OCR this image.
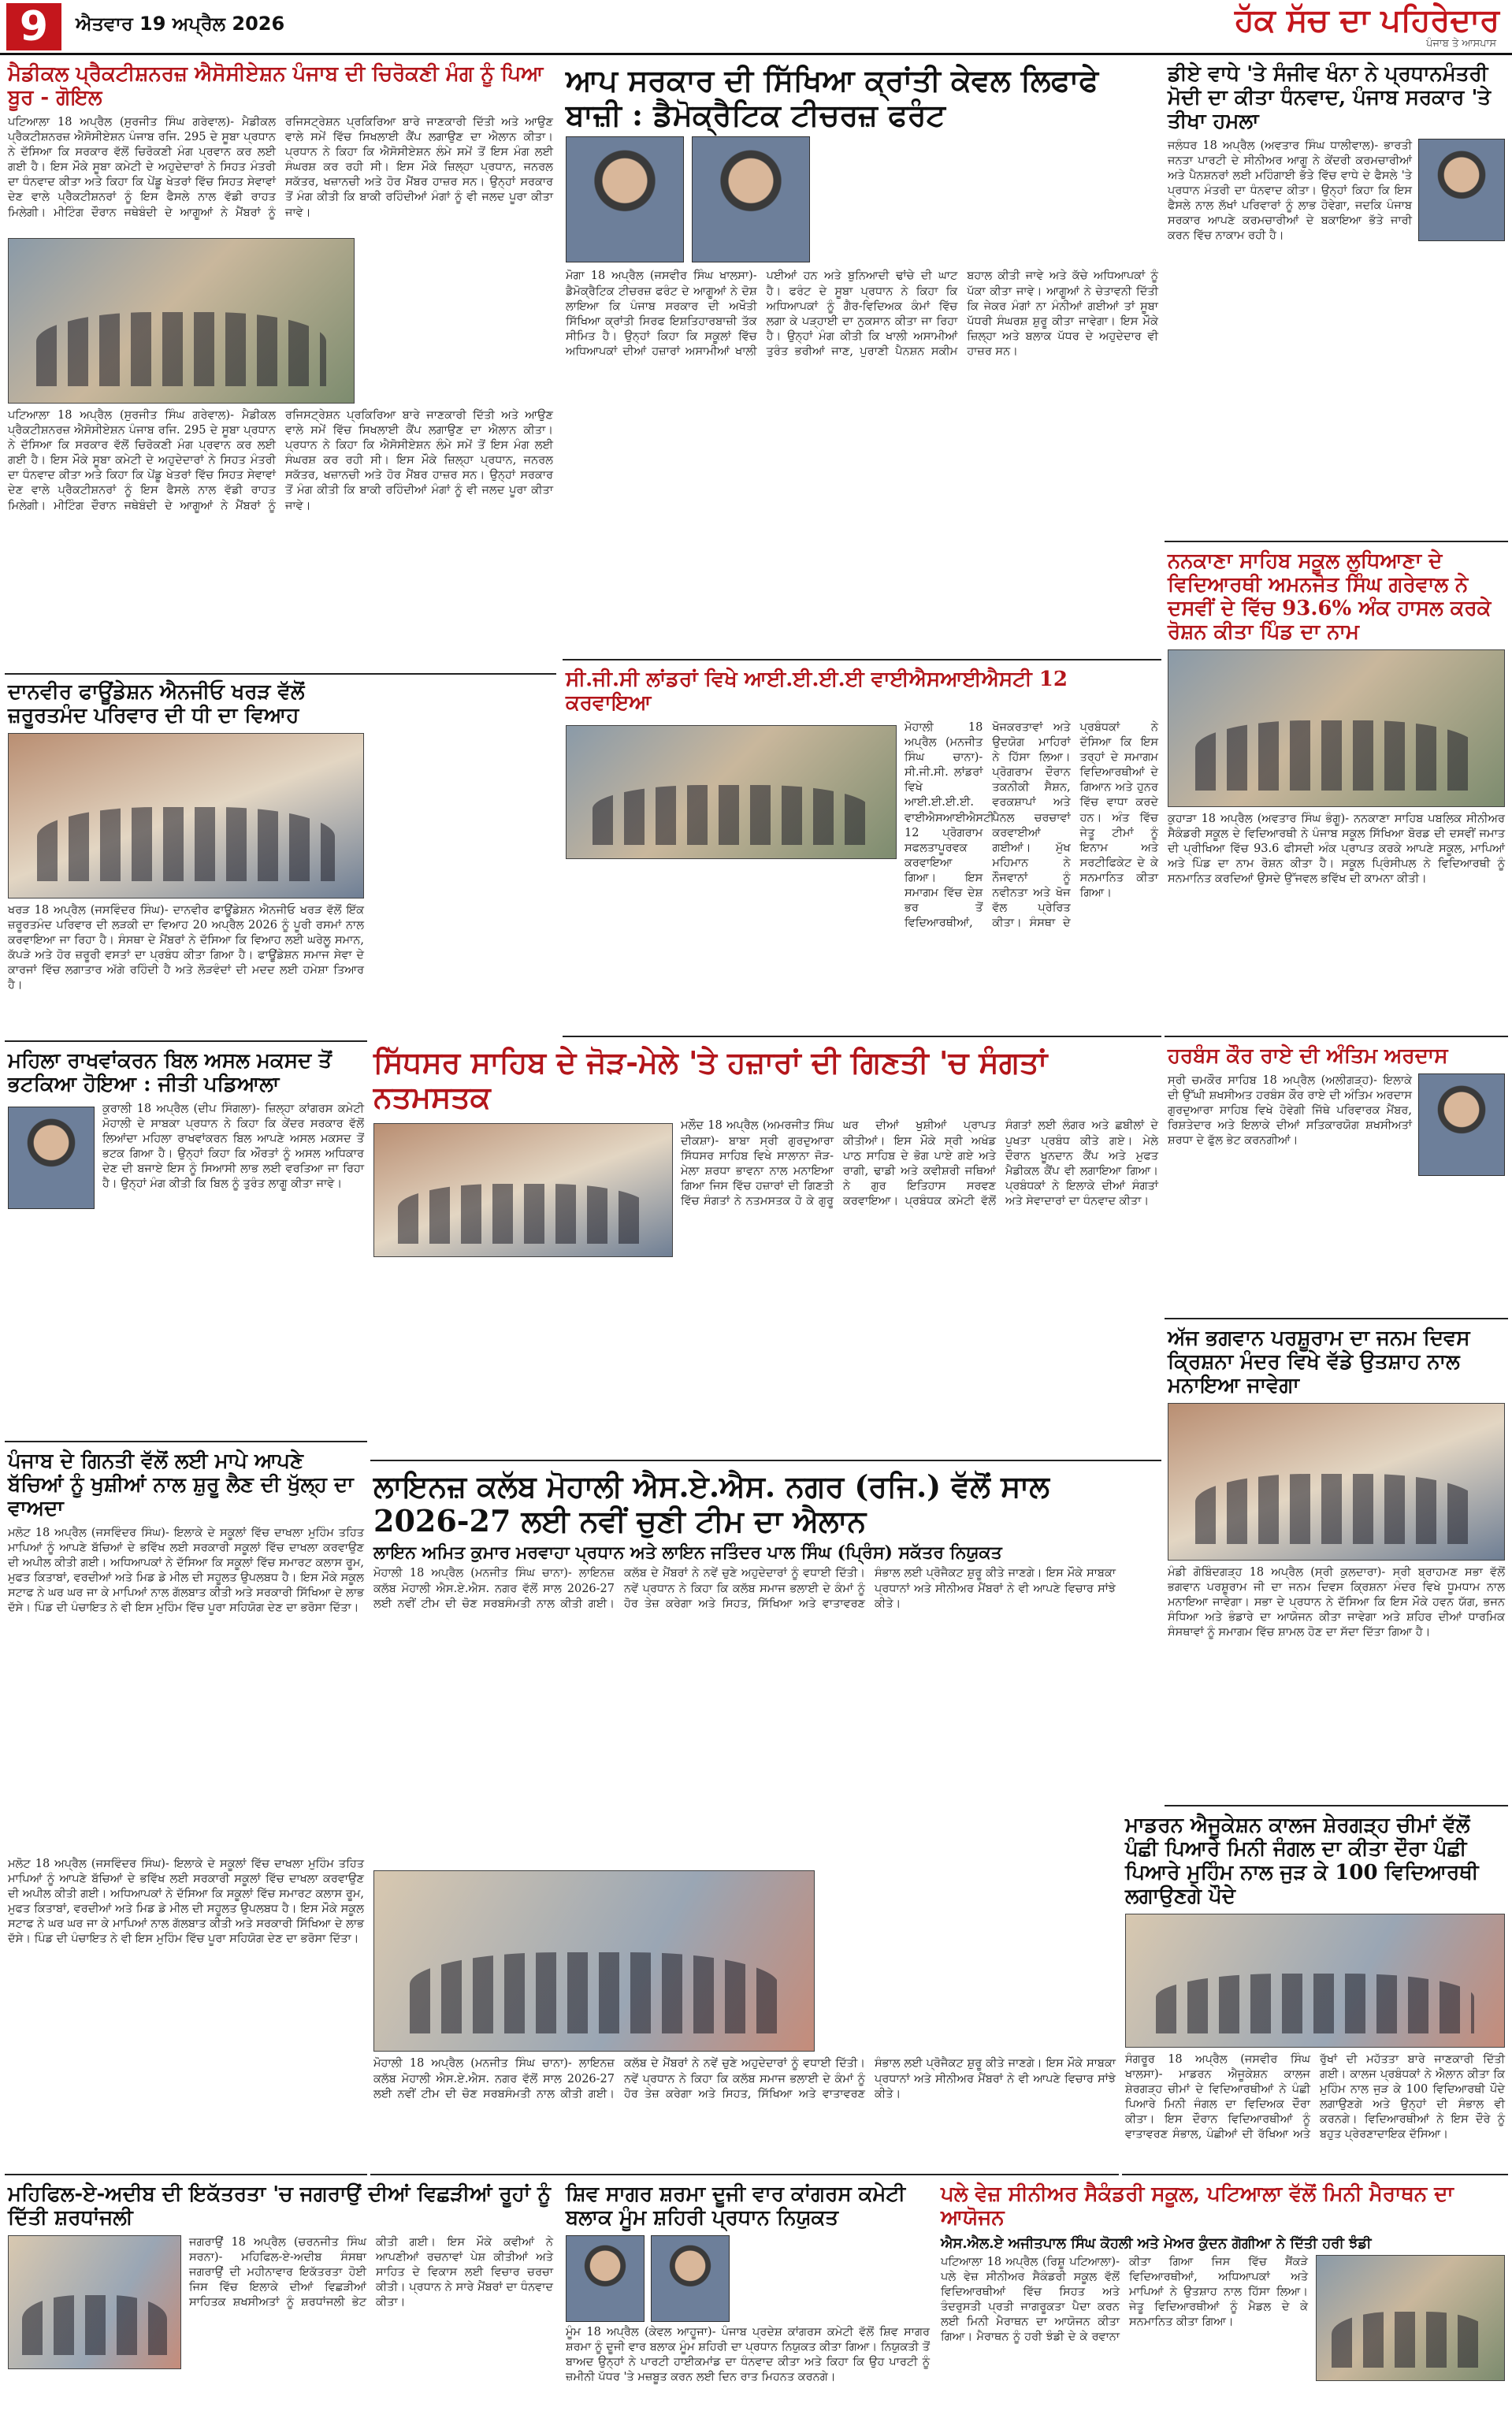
9	ਐਤਵਾਰ 19 ਅਪ੍ਰੈਲ 2026	ਹੱਕ ਸੱਚ ਦਾ ਪਹਿਰੇਦਾਰ
ਪੰਜਾਬ ਤੇ ਆਸਪਾਸ
ਮੈਡੀਕਲ ਪ੍ਰੈਕਟੀਸ਼ਨਰਜ਼ ਐਸੋਸੀਏਸ਼ਨ ਪੰਜਾਬ ਦੀ ਚਿਰੋਕਣੀ ਮੰਗ ਨੂੰ ਪਿਆ ਬੂਰ - ਗੋਇਲ
ਪਟਿਆਲਾ 18 ਅਪ੍ਰੈਲ (ਸੁਰਜੀਤ ਸਿੰਘ ਗਰੇਵਾਲ)- ਮੈਡੀਕਲ ਪ੍ਰੈਕਟੀਸ਼ਨਰਜ਼ ਐਸੋਸੀਏਸ਼ਨ ਪੰਜਾਬ ਰਜਿ. 295 ਦੇ ਸੂਬਾ ਪ੍ਰਧਾਨ ਨੇ ਦੱਸਿਆ ਕਿ ਸਰਕਾਰ ਵੱਲੋਂ ਚਿਰੋਕਣੀ ਮੰਗ ਪ੍ਰਵਾਨ ਕਰ ਲਈ ਗਈ ਹੈ। ਇਸ ਮੌਕੇ ਸੂਬਾ ਕਮੇਟੀ ਦੇ ਅਹੁਦੇਦਾਰਾਂ ਨੇ ਸਿਹਤ ਮੰਤਰੀ ਦਾ ਧੰਨਵਾਦ ਕੀਤਾ ਅਤੇ ਕਿਹਾ ਕਿ ਪੇਂਡੂ ਖੇਤਰਾਂ ਵਿੱਚ ਸਿਹਤ ਸੇਵਾਵਾਂ ਦੇਣ ਵਾਲੇ ਪ੍ਰੈਕਟੀਸ਼ਨਰਾਂ ਨੂੰ ਇਸ ਫੈਸਲੇ ਨਾਲ ਵੱਡੀ ਰਾਹਤ ਮਿਲੇਗੀ। ਮੀਟਿੰਗ ਦੌਰਾਨ ਜਥੇਬੰਦੀ ਦੇ ਆਗੂਆਂ ਨੇ ਮੈਂਬਰਾਂ ਨੂੰ ਰਜਿਸਟ੍ਰੇਸ਼ਨ ਪ੍ਰਕਿਰਿਆ ਬਾਰੇ ਜਾਣਕਾਰੀ ਦਿੱਤੀ ਅਤੇ ਆਉਣ ਵਾਲੇ ਸਮੇਂ ਵਿੱਚ ਸਿਖਲਾਈ ਕੈਂਪ ਲਗਾਉਣ ਦਾ ਐਲਾਨ ਕੀਤਾ। ਪ੍ਰਧਾਨ ਨੇ ਕਿਹਾ ਕਿ ਐਸੋਸੀਏਸ਼ਨ ਲੰਮੇ ਸਮੇਂ ਤੋਂ ਇਸ ਮੰਗ ਲਈ ਸੰਘਰਸ਼ ਕਰ ਰਹੀ ਸੀ। ਇਸ ਮੌਕੇ ਜ਼ਿਲ੍ਹਾ ਪ੍ਰਧਾਨ, ਜਨਰਲ ਸਕੱਤਰ, ਖਜ਼ਾਨਚੀ ਅਤੇ ਹੋਰ ਮੈਂਬਰ ਹਾਜ਼ਰ ਸਨ। ਉਨ੍ਹਾਂ ਸਰਕਾਰ ਤੋਂ ਮੰਗ ਕੀਤੀ ਕਿ ਬਾਕੀ ਰਹਿੰਦੀਆਂ ਮੰਗਾਂ ਨੂੰ ਵੀ ਜਲਦ ਪੂਰਾ ਕੀਤਾ ਜਾਵੇ।
ਪਟਿਆਲਾ 18 ਅਪ੍ਰੈਲ (ਸੁਰਜੀਤ ਸਿੰਘ ਗਰੇਵਾਲ)- ਮੈਡੀਕਲ ਪ੍ਰੈਕਟੀਸ਼ਨਰਜ਼ ਐਸੋਸੀਏਸ਼ਨ ਪੰਜਾਬ ਰਜਿ. 295 ਦੇ ਸੂਬਾ ਪ੍ਰਧਾਨ ਨੇ ਦੱਸਿਆ ਕਿ ਸਰਕਾਰ ਵੱਲੋਂ ਚਿਰੋਕਣੀ ਮੰਗ ਪ੍ਰਵਾਨ ਕਰ ਲਈ ਗਈ ਹੈ। ਇਸ ਮੌਕੇ ਸੂਬਾ ਕਮੇਟੀ ਦੇ ਅਹੁਦੇਦਾਰਾਂ ਨੇ ਸਿਹਤ ਮੰਤਰੀ ਦਾ ਧੰਨਵਾਦ ਕੀਤਾ ਅਤੇ ਕਿਹਾ ਕਿ ਪੇਂਡੂ ਖੇਤਰਾਂ ਵਿੱਚ ਸਿਹਤ ਸੇਵਾਵਾਂ ਦੇਣ ਵਾਲੇ ਪ੍ਰੈਕਟੀਸ਼ਨਰਾਂ ਨੂੰ ਇਸ ਫੈਸਲੇ ਨਾਲ ਵੱਡੀ ਰਾਹਤ ਮਿਲੇਗੀ। ਮੀਟਿੰਗ ਦੌਰਾਨ ਜਥੇਬੰਦੀ ਦੇ ਆਗੂਆਂ ਨੇ ਮੈਂਬਰਾਂ ਨੂੰ ਰਜਿਸਟ੍ਰੇਸ਼ਨ ਪ੍ਰਕਿਰਿਆ ਬਾਰੇ ਜਾਣਕਾਰੀ ਦਿੱਤੀ ਅਤੇ ਆਉਣ ਵਾਲੇ ਸਮੇਂ ਵਿੱਚ ਸਿਖਲਾਈ ਕੈਂਪ ਲਗਾਉਣ ਦਾ ਐਲਾਨ ਕੀਤਾ। ਪ੍ਰਧਾਨ ਨੇ ਕਿਹਾ ਕਿ ਐਸੋਸੀਏਸ਼ਨ ਲੰਮੇ ਸਮੇਂ ਤੋਂ ਇਸ ਮੰਗ ਲਈ ਸੰਘਰਸ਼ ਕਰ ਰਹੀ ਸੀ। ਇਸ ਮੌਕੇ ਜ਼ਿਲ੍ਹਾ ਪ੍ਰਧਾਨ, ਜਨਰਲ ਸਕੱਤਰ, ਖਜ਼ਾਨਚੀ ਅਤੇ ਹੋਰ ਮੈਂਬਰ ਹਾਜ਼ਰ ਸਨ। ਉਨ੍ਹਾਂ ਸਰਕਾਰ ਤੋਂ ਮੰਗ ਕੀਤੀ ਕਿ ਬਾਕੀ ਰਹਿੰਦੀਆਂ ਮੰਗਾਂ ਨੂੰ ਵੀ ਜਲਦ ਪੂਰਾ ਕੀਤਾ ਜਾਵੇ।
ਦਾਨਵੀਰ ਫਾਊਂਡੇਸ਼ਨ ਐਨਜੀਓ ਖਰੜ ਵੱਲੋਂ ਜ਼ਰੂਰਤਮੰਦ ਪਰਿਵਾਰ ਦੀ ਧੀ ਦਾ ਵਿਆਹ
ਖਰੜ 18 ਅਪ੍ਰੈਲ (ਜਸਵਿੰਦਰ ਸਿੰਘ)- ਦਾਨਵੀਰ ਫਾਊਂਡੇਸ਼ਨ ਐਨਜੀਓ ਖਰੜ ਵੱਲੋਂ ਇੱਕ ਜ਼ਰੂਰਤਮੰਦ ਪਰਿਵਾਰ ਦੀ ਲੜਕੀ ਦਾ ਵਿਆਹ 20 ਅਪ੍ਰੈਲ 2026 ਨੂੰ ਪੂਰੀ ਰਸਮਾਂ ਨਾਲ ਕਰਵਾਇਆ ਜਾ ਰਿਹਾ ਹੈ। ਸੰਸਥਾ ਦੇ ਮੈਂਬਰਾਂ ਨੇ ਦੱਸਿਆ ਕਿ ਵਿਆਹ ਲਈ ਘਰੇਲੂ ਸਮਾਨ, ਕੱਪੜੇ ਅਤੇ ਹੋਰ ਜ਼ਰੂਰੀ ਵਸਤਾਂ ਦਾ ਪ੍ਰਬੰਧ ਕੀਤਾ ਗਿਆ ਹੈ। ਫਾਊਂਡੇਸ਼ਨ ਸਮਾਜ ਸੇਵਾ ਦੇ ਕਾਰਜਾਂ ਵਿੱਚ ਲਗਾਤਾਰ ਅੱਗੇ ਰਹਿੰਦੀ ਹੈ ਅਤੇ ਲੋੜਵੰਦਾਂ ਦੀ ਮਦਦ ਲਈ ਹਮੇਸ਼ਾ ਤਿਆਰ ਹੈ।
ਮਹਿਲਾ ਰਾਖਵਾਂਕਰਨ ਬਿਲ ਅਸਲ ਮਕਸਦ ਤੋਂ ਭਟਕਿਆ ਹੋਇਆ : ਜੀਤੀ ਪਡਿਆਲਾ
ਕੁਰਾਲੀ 18 ਅਪ੍ਰੈਲ (ਦੀਪ ਸਿੰਗਲਾ)- ਜ਼ਿਲ੍ਹਾ ਕਾਂਗਰਸ ਕਮੇਟੀ ਮੋਹਾਲੀ ਦੇ ਸਾਬਕਾ ਪ੍ਰਧਾਨ ਨੇ ਕਿਹਾ ਕਿ ਕੇਂਦਰ ਸਰਕਾਰ ਵੱਲੋਂ ਲਿਆਂਦਾ ਮਹਿਲਾ ਰਾਖਵਾਂਕਰਨ ਬਿਲ ਆਪਣੇ ਅਸਲ ਮਕਸਦ ਤੋਂ ਭਟਕ ਗਿਆ ਹੈ। ਉਨ੍ਹਾਂ ਕਿਹਾ ਕਿ ਔਰਤਾਂ ਨੂੰ ਅਸਲ ਅਧਿਕਾਰ ਦੇਣ ਦੀ ਬਜਾਏ ਇਸ ਨੂੰ ਸਿਆਸੀ ਲਾਭ ਲਈ ਵਰਤਿਆ ਜਾ ਰਿਹਾ ਹੈ। ਉਨ੍ਹਾਂ ਮੰਗ ਕੀਤੀ ਕਿ ਬਿਲ ਨੂੰ ਤੁਰੰਤ ਲਾਗੂ ਕੀਤਾ ਜਾਵੇ।
ਪੰਜਾਬ ਦੇ ਗਿਨਤੀ ਵੱਲੋਂ ਲਈ ਮਾਪੇ ਆਪਣੇ ਬੱਚਿਆਂ ਨੂੰ ਖੁਸ਼ੀਆਂ ਨਾਲ ਸ਼ੁਰੂ ਲੈਣ ਦੀ ਖੁੱਲ੍ਹ ਦਾ ਵਾਅਦਾ
ਮਲੋਟ 18 ਅਪ੍ਰੈਲ (ਜਸਵਿੰਦਰ ਸਿੰਘ)- ਇਲਾਕੇ ਦੇ ਸਕੂਲਾਂ ਵਿੱਚ ਦਾਖਲਾ ਮੁਹਿੰਮ ਤਹਿਤ ਮਾਪਿਆਂ ਨੂੰ ਆਪਣੇ ਬੱਚਿਆਂ ਦੇ ਭਵਿੱਖ ਲਈ ਸਰਕਾਰੀ ਸਕੂਲਾਂ ਵਿੱਚ ਦਾਖਲਾ ਕਰਵਾਉਣ ਦੀ ਅਪੀਲ ਕੀਤੀ ਗਈ। ਅਧਿਆਪਕਾਂ ਨੇ ਦੱਸਿਆ ਕਿ ਸਕੂਲਾਂ ਵਿੱਚ ਸਮਾਰਟ ਕਲਾਸ ਰੂਮ, ਮੁਫਤ ਕਿਤਾਬਾਂ, ਵਰਦੀਆਂ ਅਤੇ ਮਿਡ ਡੇ ਮੀਲ ਦੀ ਸਹੂਲਤ ਉਪਲਬਧ ਹੈ। ਇਸ ਮੌਕੇ ਸਕੂਲ ਸਟਾਫ ਨੇ ਘਰ ਘਰ ਜਾ ਕੇ ਮਾਪਿਆਂ ਨਾਲ ਗੱਲਬਾਤ ਕੀਤੀ ਅਤੇ ਸਰਕਾਰੀ ਸਿੱਖਿਆ ਦੇ ਲਾਭ ਦੱਸੇ। ਪਿੰਡ ਦੀ ਪੰਚਾਇਤ ਨੇ ਵੀ ਇਸ ਮੁਹਿੰਮ ਵਿੱਚ ਪੂਰਾ ਸਹਿਯੋਗ ਦੇਣ ਦਾ ਭਰੋਸਾ ਦਿੱਤਾ।
ਮਲੋਟ 18 ਅਪ੍ਰੈਲ (ਜਸਵਿੰਦਰ ਸਿੰਘ)- ਇਲਾਕੇ ਦੇ ਸਕੂਲਾਂ ਵਿੱਚ ਦਾਖਲਾ ਮੁਹਿੰਮ ਤਹਿਤ ਮਾਪਿਆਂ ਨੂੰ ਆਪਣੇ ਬੱਚਿਆਂ ਦੇ ਭਵਿੱਖ ਲਈ ਸਰਕਾਰੀ ਸਕੂਲਾਂ ਵਿੱਚ ਦਾਖਲਾ ਕਰਵਾਉਣ ਦੀ ਅਪੀਲ ਕੀਤੀ ਗਈ। ਅਧਿਆਪਕਾਂ ਨੇ ਦੱਸਿਆ ਕਿ ਸਕੂਲਾਂ ਵਿੱਚ ਸਮਾਰਟ ਕਲਾਸ ਰੂਮ, ਮੁਫਤ ਕਿਤਾਬਾਂ, ਵਰਦੀਆਂ ਅਤੇ ਮਿਡ ਡੇ ਮੀਲ ਦੀ ਸਹੂਲਤ ਉਪਲਬਧ ਹੈ। ਇਸ ਮੌਕੇ ਸਕੂਲ ਸਟਾਫ ਨੇ ਘਰ ਘਰ ਜਾ ਕੇ ਮਾਪਿਆਂ ਨਾਲ ਗੱਲਬਾਤ ਕੀਤੀ ਅਤੇ ਸਰਕਾਰੀ ਸਿੱਖਿਆ ਦੇ ਲਾਭ ਦੱਸੇ। ਪਿੰਡ ਦੀ ਪੰਚਾਇਤ ਨੇ ਵੀ ਇਸ ਮੁਹਿੰਮ ਵਿੱਚ ਪੂਰਾ ਸਹਿਯੋਗ ਦੇਣ ਦਾ ਭਰੋਸਾ ਦਿੱਤਾ।
ਮਹਿਫਿਲ-ਏ-ਅਦੀਬ ਦੀ ਇਕੱਤਰਤਾ 'ਚ ਜਗਰਾਉਂ ਦੀਆਂ ਵਿਛੜੀਆਂ ਰੂਹਾਂ ਨੂੰ ਦਿੱਤੀ ਸ਼ਰਧਾਂਜਲੀ
ਜਗਰਾਉਂ 18 ਅਪ੍ਰੈਲ (ਚਰਨਜੀਤ ਸਿੰਘ ਸਰਨਾ)- ਮਹਿਫਿਲ-ਏ-ਅਦੀਬ ਸੰਸਥਾ ਜਗਰਾਉਂ ਦੀ ਮਹੀਨਾਵਾਰ ਇਕੱਤਰਤਾ ਹੋਈ ਜਿਸ ਵਿੱਚ ਇਲਾਕੇ ਦੀਆਂ ਵਿਛੜੀਆਂ ਸਾਹਿਤਕ ਸ਼ਖਸੀਅਤਾਂ ਨੂੰ ਸ਼ਰਧਾਂਜਲੀ ਭੇਟ ਕੀਤੀ ਗਈ। ਇਸ ਮੌਕੇ ਕਵੀਆਂ ਨੇ ਆਪਣੀਆਂ ਰਚਨਾਵਾਂ ਪੇਸ਼ ਕੀਤੀਆਂ ਅਤੇ ਸਾਹਿਤ ਦੇ ਵਿਕਾਸ ਲਈ ਵਿਚਾਰ ਚਰਚਾ ਕੀਤੀ। ਪ੍ਰਧਾਨ ਨੇ ਸਾਰੇ ਮੈਂਬਰਾਂ ਦਾ ਧੰਨਵਾਦ ਕੀਤਾ।
ਆਪ ਸਰਕਾਰ ਦੀ ਸਿੱਖਿਆ ਕ੍ਰਾਂਤੀ ਕੇਵਲ ਲਿਫਾਫੇ ਬਾਜ਼ੀ : ਡੈਮੋਕ੍ਰੈਟਿਕ ਟੀਚਰਜ਼ ਫਰੰਟ
ਮੋਗਾ 18 ਅਪ੍ਰੈਲ (ਜਸਵੀਰ ਸਿੰਘ ਖਾਲਸਾ)- ਡੈਮੋਕ੍ਰੈਟਿਕ ਟੀਚਰਜ਼ ਫਰੰਟ ਦੇ ਆਗੂਆਂ ਨੇ ਦੋਸ਼ ਲਾਇਆ ਕਿ ਪੰਜਾਬ ਸਰਕਾਰ ਦੀ ਅਖੌਤੀ ਸਿੱਖਿਆ ਕ੍ਰਾਂਤੀ ਸਿਰਫ ਇਸ਼ਤਿਹਾਰਬਾਜ਼ੀ ਤੱਕ ਸੀਮਿਤ ਹੈ। ਉਨ੍ਹਾਂ ਕਿਹਾ ਕਿ ਸਕੂਲਾਂ ਵਿੱਚ ਅਧਿਆਪਕਾਂ ਦੀਆਂ ਹਜ਼ਾਰਾਂ ਅਸਾਮੀਆਂ ਖਾਲੀ ਪਈਆਂ ਹਨ ਅਤੇ ਬੁਨਿਆਦੀ ਢਾਂਚੇ ਦੀ ਘਾਟ ਹੈ। ਫਰੰਟ ਦੇ ਸੂਬਾ ਪ੍ਰਧਾਨ ਨੇ ਕਿਹਾ ਕਿ ਅਧਿਆਪਕਾਂ ਨੂੰ ਗੈਰ-ਵਿਦਿਅਕ ਕੰਮਾਂ ਵਿੱਚ ਲਗਾ ਕੇ ਪੜ੍ਹਾਈ ਦਾ ਨੁਕਸਾਨ ਕੀਤਾ ਜਾ ਰਿਹਾ ਹੈ। ਉਨ੍ਹਾਂ ਮੰਗ ਕੀਤੀ ਕਿ ਖਾਲੀ ਅਸਾਮੀਆਂ ਤੁਰੰਤ ਭਰੀਆਂ ਜਾਣ, ਪੁਰਾਣੀ ਪੈਨਸ਼ਨ ਸਕੀਮ ਬਹਾਲ ਕੀਤੀ ਜਾਵੇ ਅਤੇ ਕੱਚੇ ਅਧਿਆਪਕਾਂ ਨੂੰ ਪੱਕਾ ਕੀਤਾ ਜਾਵੇ। ਆਗੂਆਂ ਨੇ ਚੇਤਾਵਨੀ ਦਿੱਤੀ ਕਿ ਜੇਕਰ ਮੰਗਾਂ ਨਾ ਮੰਨੀਆਂ ਗਈਆਂ ਤਾਂ ਸੂਬਾ ਪੱਧਰੀ ਸੰਘਰਸ਼ ਸ਼ੁਰੂ ਕੀਤਾ ਜਾਵੇਗਾ। ਇਸ ਮੌਕੇ ਜ਼ਿਲ੍ਹਾ ਅਤੇ ਬਲਾਕ ਪੱਧਰ ਦੇ ਅਹੁਦੇਦਾਰ ਵੀ ਹਾਜ਼ਰ ਸਨ।
ਸੀ.ਜੀ.ਸੀ ਲਾਂਡਰਾਂ ਵਿਖੇ ਆਈ.ਈ.ਈ.ਈ ਵਾਈਐਸਆਈਐਸਟੀ 12 ਕਰਵਾਇਆ
ਮੋਹਾਲੀ 18 ਅਪ੍ਰੈਲ (ਮਨਜੀਤ ਸਿੰਘ ਚਾਨਾ)- ਸੀ.ਜੀ.ਸੀ. ਲਾਂਡਰਾਂ ਵਿਖੇ ਆਈ.ਈ.ਈ.ਈ. ਵਾਈਐਸਆਈਐਸਟੀ 12 ਪ੍ਰੋਗਰਾਮ ਸਫਲਤਾਪੂਰਵਕ ਕਰਵਾਇਆ ਗਿਆ। ਇਸ ਸਮਾਗਮ ਵਿੱਚ ਦੇਸ਼ ਭਰ ਤੋਂ ਵਿਦਿਆਰਥੀਆਂ, ਖੋਜਕਰਤਾਵਾਂ ਅਤੇ ਉਦਯੋਗ ਮਾਹਿਰਾਂ ਨੇ ਹਿੱਸਾ ਲਿਆ। ਪ੍ਰੋਗਰਾਮ ਦੌਰਾਨ ਤਕਨੀਕੀ ਸੈਸ਼ਨ, ਵਰਕਸ਼ਾਪਾਂ ਅਤੇ ਪੈਨਲ ਚਰਚਾਵਾਂ ਕਰਵਾਈਆਂ ਗਈਆਂ। ਮੁੱਖ ਮਹਿਮਾਨ ਨੇ ਨੌਜਵਾਨਾਂ ਨੂੰ ਨਵੀਨਤਾ ਅਤੇ ਖੋਜ ਵੱਲ ਪ੍ਰੇਰਿਤ ਕੀਤਾ। ਸੰਸਥਾ ਦੇ ਪ੍ਰਬੰਧਕਾਂ ਨੇ ਦੱਸਿਆ ਕਿ ਇਸ ਤਰ੍ਹਾਂ ਦੇ ਸਮਾਗਮ ਵਿਦਿਆਰਥੀਆਂ ਦੇ ਗਿਆਨ ਅਤੇ ਹੁਨਰ ਵਿੱਚ ਵਾਧਾ ਕਰਦੇ ਹਨ। ਅੰਤ ਵਿੱਚ ਜੇਤੂ ਟੀਮਾਂ ਨੂੰ ਇਨਾਮ ਅਤੇ ਸਰਟੀਫਿਕੇਟ ਦੇ ਕੇ ਸਨਮਾਨਿਤ ਕੀਤਾ ਗਿਆ।
ਸਿੱਧਸਰ ਸਾਹਿਬ ਦੇ ਜੋੜ-ਮੇਲੇ 'ਤੇ ਹਜ਼ਾਰਾਂ ਦੀ ਗਿਣਤੀ 'ਚ ਸੰਗਤਾਂ ਨਤਮਸਤਕ
ਮਲੌਦ 18 ਅਪ੍ਰੈਲ (ਅਮਰਜੀਤ ਸਿੰਘ ਦੀਕਸ਼ਾ)- ਬਾਬਾ ਸ੍ਰੀ ਗੁਰਦੁਆਰਾ ਸਿੱਧਸਰ ਸਾਹਿਬ ਵਿਖੇ ਸਾਲਾਨਾ ਜੋੜ-ਮੇਲਾ ਸ਼ਰਧਾ ਭਾਵਨਾ ਨਾਲ ਮਨਾਇਆ ਗਿਆ ਜਿਸ ਵਿੱਚ ਹਜ਼ਾਰਾਂ ਦੀ ਗਿਣਤੀ ਵਿੱਚ ਸੰਗਤਾਂ ਨੇ ਨਤਮਸਤਕ ਹੋ ਕੇ ਗੁਰੂ ਘਰ ਦੀਆਂ ਖੁਸ਼ੀਆਂ ਪ੍ਰਾਪਤ ਕੀਤੀਆਂ। ਇਸ ਮੌਕੇ ਸ੍ਰੀ ਅਖੰਡ ਪਾਠ ਸਾਹਿਬ ਦੇ ਭੋਗ ਪਾਏ ਗਏ ਅਤੇ ਰਾਗੀ, ਢਾਡੀ ਅਤੇ ਕਵੀਸ਼ਰੀ ਜਥਿਆਂ ਨੇ ਗੁਰ ਇਤਿਹਾਸ ਸਰਵਣ ਕਰਵਾਇਆ। ਪ੍ਰਬੰਧਕ ਕਮੇਟੀ ਵੱਲੋਂ ਸੰਗਤਾਂ ਲਈ ਲੰਗਰ ਅਤੇ ਛਬੀਲਾਂ ਦੇ ਪੁਖਤਾ ਪ੍ਰਬੰਧ ਕੀਤੇ ਗਏ। ਮੇਲੇ ਦੌਰਾਨ ਖੂਨਦਾਨ ਕੈਂਪ ਅਤੇ ਮੁਫਤ ਮੈਡੀਕਲ ਕੈਂਪ ਵੀ ਲਗਾਇਆ ਗਿਆ। ਪ੍ਰਬੰਧਕਾਂ ਨੇ ਇਲਾਕੇ ਦੀਆਂ ਸੰਗਤਾਂ ਅਤੇ ਸੇਵਾਦਾਰਾਂ ਦਾ ਧੰਨਵਾਦ ਕੀਤਾ।
ਲਾਇਨਜ਼ ਕਲੱਬ ਮੋਹਾਲੀ ਐਸ.ਏ.ਐਸ. ਨਗਰ (ਰਜਿ.) ਵੱਲੋਂ ਸਾਲ 2026-27 ਲਈ ਨਵੀਂ ਚੁਣੀ ਟੀਮ ਦਾ ਐਲਾਨ
ਲਾਇਨ ਅਮਿਤ ਕੁਮਾਰ ਮਰਵਾਹਾ ਪ੍ਰਧਾਨ ਅਤੇ ਲਾਇਨ ਜਤਿੰਦਰ ਪਾਲ ਸਿੰਘ (ਪ੍ਰਿੰਸ) ਸਕੱਤਰ ਨਿਯੁਕਤ
ਮੋਹਾਲੀ 18 ਅਪ੍ਰੈਲ (ਮਨਜੀਤ ਸਿੰਘ ਚਾਨਾ)- ਲਾਇਨਜ਼ ਕਲੱਬ ਮੋਹਾਲੀ ਐਸ.ਏ.ਐਸ. ਨਗਰ ਵੱਲੋਂ ਸਾਲ 2026-27 ਲਈ ਨਵੀਂ ਟੀਮ ਦੀ ਚੋਣ ਸਰਬਸੰਮਤੀ ਨਾਲ ਕੀਤੀ ਗਈ। ਕਲੱਬ ਦੇ ਮੈਂਬਰਾਂ ਨੇ ਨਵੇਂ ਚੁਣੇ ਅਹੁਦੇਦਾਰਾਂ ਨੂੰ ਵਧਾਈ ਦਿੱਤੀ। ਨਵੇਂ ਪ੍ਰਧਾਨ ਨੇ ਕਿਹਾ ਕਿ ਕਲੱਬ ਸਮਾਜ ਭਲਾਈ ਦੇ ਕੰਮਾਂ ਨੂੰ ਹੋਰ ਤੇਜ਼ ਕਰੇਗਾ ਅਤੇ ਸਿਹਤ, ਸਿੱਖਿਆ ਅਤੇ ਵਾਤਾਵਰਣ ਸੰਭਾਲ ਲਈ ਪ੍ਰੋਜੈਕਟ ਸ਼ੁਰੂ ਕੀਤੇ ਜਾਣਗੇ। ਇਸ ਮੌਕੇ ਸਾਬਕਾ ਪ੍ਰਧਾਨਾਂ ਅਤੇ ਸੀਨੀਅਰ ਮੈਂਬਰਾਂ ਨੇ ਵੀ ਆਪਣੇ ਵਿਚਾਰ ਸਾਂਝੇ ਕੀਤੇ।
ਮੋਹਾਲੀ 18 ਅਪ੍ਰੈਲ (ਮਨਜੀਤ ਸਿੰਘ ਚਾਨਾ)- ਲਾਇਨਜ਼ ਕਲੱਬ ਮੋਹਾਲੀ ਐਸ.ਏ.ਐਸ. ਨਗਰ ਵੱਲੋਂ ਸਾਲ 2026-27 ਲਈ ਨਵੀਂ ਟੀਮ ਦੀ ਚੋਣ ਸਰਬਸੰਮਤੀ ਨਾਲ ਕੀਤੀ ਗਈ। ਕਲੱਬ ਦੇ ਮੈਂਬਰਾਂ ਨੇ ਨਵੇਂ ਚੁਣੇ ਅਹੁਦੇਦਾਰਾਂ ਨੂੰ ਵਧਾਈ ਦਿੱਤੀ। ਨਵੇਂ ਪ੍ਰਧਾਨ ਨੇ ਕਿਹਾ ਕਿ ਕਲੱਬ ਸਮਾਜ ਭਲਾਈ ਦੇ ਕੰਮਾਂ ਨੂੰ ਹੋਰ ਤੇਜ਼ ਕਰੇਗਾ ਅਤੇ ਸਿਹਤ, ਸਿੱਖਿਆ ਅਤੇ ਵਾਤਾਵਰਣ ਸੰਭਾਲ ਲਈ ਪ੍ਰੋਜੈਕਟ ਸ਼ੁਰੂ ਕੀਤੇ ਜਾਣਗੇ। ਇਸ ਮੌਕੇ ਸਾਬਕਾ ਪ੍ਰਧਾਨਾਂ ਅਤੇ ਸੀਨੀਅਰ ਮੈਂਬਰਾਂ ਨੇ ਵੀ ਆਪਣੇ ਵਿਚਾਰ ਸਾਂਝੇ ਕੀਤੇ।
ਸ਼ਿਵ ਸਾਗਰ ਸ਼ਰਮਾ ਦੂਜੀ ਵਾਰ ਕਾਂਗਰਸ ਕਮੇਟੀ ਬਲਾਕ ਮੂੰਮ ਸ਼ਹਿਰੀ ਪ੍ਰਧਾਨ ਨਿਯੁਕਤ
ਮੂੰਮ 18 ਅਪ੍ਰੈਲ (ਕੇਵਲ ਆਹੂਜਾ)- ਪੰਜਾਬ ਪ੍ਰਦੇਸ਼ ਕਾਂਗਰਸ ਕਮੇਟੀ ਵੱਲੋਂ ਸ਼ਿਵ ਸਾਗਰ ਸ਼ਰਮਾ ਨੂੰ ਦੂਜੀ ਵਾਰ ਬਲਾਕ ਮੂੰਮ ਸ਼ਹਿਰੀ ਦਾ ਪ੍ਰਧਾਨ ਨਿਯੁਕਤ ਕੀਤਾ ਗਿਆ। ਨਿਯੁਕਤੀ ਤੋਂ ਬਾਅਦ ਉਨ੍ਹਾਂ ਨੇ ਪਾਰਟੀ ਹਾਈਕਮਾਂਡ ਦਾ ਧੰਨਵਾਦ ਕੀਤਾ ਅਤੇ ਕਿਹਾ ਕਿ ਉਹ ਪਾਰਟੀ ਨੂੰ ਜ਼ਮੀਨੀ ਪੱਧਰ 'ਤੇ ਮਜ਼ਬੂਤ ਕਰਨ ਲਈ ਦਿਨ ਰਾਤ ਮਿਹਨਤ ਕਰਨਗੇ।
ਡੀਏ ਵਾਧੇ 'ਤੇ ਸੰਜੀਵ ਖੰਨਾ ਨੇ ਪ੍ਰਧਾਨਮੰਤਰੀ ਮੋਦੀ ਦਾ ਕੀਤਾ ਧੰਨਵਾਦ, ਪੰਜਾਬ ਸਰਕਾਰ 'ਤੇ ਤੀਖਾ ਹਮਲਾ
ਜਲੰਧਰ 18 ਅਪ੍ਰੈਲ (ਅਵਤਾਰ ਸਿੰਘ ਧਾਲੀਵਾਲ)- ਭਾਰਤੀ ਜਨਤਾ ਪਾਰਟੀ ਦੇ ਸੀਨੀਅਰ ਆਗੂ ਨੇ ਕੇਂਦਰੀ ਕਰਮਚਾਰੀਆਂ ਅਤੇ ਪੈਨਸ਼ਨਰਾਂ ਲਈ ਮਹਿੰਗਾਈ ਭੱਤੇ ਵਿੱਚ ਵਾਧੇ ਦੇ ਫੈਸਲੇ 'ਤੇ ਪ੍ਰਧਾਨ ਮੰਤਰੀ ਦਾ ਧੰਨਵਾਦ ਕੀਤਾ। ਉਨ੍ਹਾਂ ਕਿਹਾ ਕਿ ਇਸ ਫੈਸਲੇ ਨਾਲ ਲੱਖਾਂ ਪਰਿਵਾਰਾਂ ਨੂੰ ਲਾਭ ਹੋਵੇਗਾ, ਜਦਕਿ ਪੰਜਾਬ ਸਰਕਾਰ ਆਪਣੇ ਕਰਮਚਾਰੀਆਂ ਦੇ ਬਕਾਇਆ ਭੱਤੇ ਜਾਰੀ ਕਰਨ ਵਿੱਚ ਨਾਕਾਮ ਰਹੀ ਹੈ।
ਨਨਕਾਣਾ ਸਾਹਿਬ ਸਕੂਲ ਲੁਧਿਆਣਾ ਦੇ ਵਿਦਿਆਰਥੀ ਅਮਨਜੋਤ ਸਿੰਘ ਗਰੇਵਾਲ ਨੇ ਦਸਵੀਂ ਦੇ ਵਿੱਚ 93.6% ਅੰਕ ਹਾਸਲ ਕਰਕੇ ਰੋਸ਼ਨ ਕੀਤਾ ਪਿੰਡ ਦਾ ਨਾਮ
ਕੁਹਾੜਾ 18 ਅਪ੍ਰੈਲ (ਅਵਤਾਰ ਸਿੰਘ ਭੰਗੂ)- ਨਨਕਾਣਾ ਸਾਹਿਬ ਪਬਲਿਕ ਸੀਨੀਅਰ ਸੈਕੰਡਰੀ ਸਕੂਲ ਦੇ ਵਿਦਿਆਰਥੀ ਨੇ ਪੰਜਾਬ ਸਕੂਲ ਸਿੱਖਿਆ ਬੋਰਡ ਦੀ ਦਸਵੀਂ ਜਮਾਤ ਦੀ ਪ੍ਰੀਖਿਆ ਵਿੱਚ 93.6 ਫੀਸਦੀ ਅੰਕ ਪ੍ਰਾਪਤ ਕਰਕੇ ਆਪਣੇ ਸਕੂਲ, ਮਾਪਿਆਂ ਅਤੇ ਪਿੰਡ ਦਾ ਨਾਮ ਰੋਸ਼ਨ ਕੀਤਾ ਹੈ। ਸਕੂਲ ਪ੍ਰਿੰਸੀਪਲ ਨੇ ਵਿਦਿਆਰਥੀ ਨੂੰ ਸਨਮਾਨਿਤ ਕਰਦਿਆਂ ਉਸਦੇ ਉੱਜਵਲ ਭਵਿੱਖ ਦੀ ਕਾਮਨਾ ਕੀਤੀ।
ਹਰਬੰਸ ਕੌਰ ਰਾਏ ਦੀ ਅੰਤਿਮ ਅਰਦਾਸ
ਸ੍ਰੀ ਚਮਕੌਰ ਸਾਹਿਬ 18 ਅਪ੍ਰੈਲ (ਅਲੀਗੜ੍ਹ)- ਇਲਾਕੇ ਦੀ ਉੱਘੀ ਸ਼ਖਸੀਅਤ ਹਰਬੰਸ ਕੌਰ ਰਾਏ ਦੀ ਅੰਤਿਮ ਅਰਦਾਸ ਗੁਰਦੁਆਰਾ ਸਾਹਿਬ ਵਿਖੇ ਹੋਵੇਗੀ ਜਿੱਥੇ ਪਰਿਵਾਰਕ ਮੈਂਬਰ, ਰਿਸ਼ਤੇਦਾਰ ਅਤੇ ਇਲਾਕੇ ਦੀਆਂ ਸਤਿਕਾਰਯੋਗ ਸ਼ਖਸੀਅਤਾਂ ਸ਼ਰਧਾ ਦੇ ਫੁੱਲ ਭੇਟ ਕਰਨਗੀਆਂ।
ਅੱਜ ਭਗਵਾਨ ਪਰਸ਼ੂਰਾਮ ਦਾ ਜਨਮ ਦਿਵਸ ਕ੍ਰਿਸ਼ਨਾ ਮੰਦਰ ਵਿਖੇ ਵੱਡੇ ਉਤਸ਼ਾਹ ਨਾਲ ਮਨਾਇਆ ਜਾਵੇਗਾ
ਮੰਡੀ ਗੋਬਿੰਦਗੜ੍ਹ 18 ਅਪ੍ਰੈਲ (ਸ੍ਰੀ ਕੁਲਦਾਰਾ)- ਸ੍ਰੀ ਬ੍ਰਾਹਮਣ ਸਭਾ ਵੱਲੋਂ ਭਗਵਾਨ ਪਰਸ਼ੂਰਾਮ ਜੀ ਦਾ ਜਨਮ ਦਿਵਸ ਕ੍ਰਿਸ਼ਨਾ ਮੰਦਰ ਵਿਖੇ ਧੂਮਧਾਮ ਨਾਲ ਮਨਾਇਆ ਜਾਵੇਗਾ। ਸਭਾ ਦੇ ਪ੍ਰਧਾਨ ਨੇ ਦੱਸਿਆ ਕਿ ਇਸ ਮੌਕੇ ਹਵਨ ਯੱਗ, ਭਜਨ ਸੰਧਿਆ ਅਤੇ ਭੰਡਾਰੇ ਦਾ ਆਯੋਜਨ ਕੀਤਾ ਜਾਵੇਗਾ ਅਤੇ ਸ਼ਹਿਰ ਦੀਆਂ ਧਾਰਮਿਕ ਸੰਸਥਾਵਾਂ ਨੂੰ ਸਮਾਗਮ ਵਿੱਚ ਸ਼ਾਮਲ ਹੋਣ ਦਾ ਸੱਦਾ ਦਿੱਤਾ ਗਿਆ ਹੈ।
ਮਾਡਰਨ ਐਜੂਕੇਸ਼ਨ ਕਾਲਜ ਸ਼ੇਰਗੜ੍ਹ ਚੀਮਾਂ ਵੱਲੋਂ ਪੰਛੀ ਪਿਆਰੇ ਮਿਨੀ ਜੰਗਲ ਦਾ ਕੀਤਾ ਦੌਰਾ ਪੰਛੀ ਪਿਆਰੇ ਮੁਹਿੰਮ ਨਾਲ ਜੁੜ ਕੇ 100 ਵਿਦਿਆਰਥੀ ਲਗਾਉਣਗੇ ਪੌਦੇ
ਸੰਗਰੂਰ 18 ਅਪ੍ਰੈਲ (ਜਸਵੀਰ ਸਿੰਘ ਖਾਲਸਾ)- ਮਾਡਰਨ ਐਜੂਕੇਸ਼ਨ ਕਾਲਜ ਸ਼ੇਰਗੜ੍ਹ ਚੀਮਾਂ ਦੇ ਵਿਦਿਆਰਥੀਆਂ ਨੇ ਪੰਛੀ ਪਿਆਰੇ ਮਿਨੀ ਜੰਗਲ ਦਾ ਵਿਦਿਅਕ ਦੌਰਾ ਕੀਤਾ। ਇਸ ਦੌਰਾਨ ਵਿਦਿਆਰਥੀਆਂ ਨੂੰ ਵਾਤਾਵਰਣ ਸੰਭਾਲ, ਪੰਛੀਆਂ ਦੀ ਰੱਖਿਆ ਅਤੇ ਰੁੱਖਾਂ ਦੀ ਮਹੱਤਤਾ ਬਾਰੇ ਜਾਣਕਾਰੀ ਦਿੱਤੀ ਗਈ। ਕਾਲਜ ਪ੍ਰਬੰਧਕਾਂ ਨੇ ਐਲਾਨ ਕੀਤਾ ਕਿ ਮੁਹਿੰਮ ਨਾਲ ਜੁੜ ਕੇ 100 ਵਿਦਿਆਰਥੀ ਪੌਦੇ ਲਗਾਉਣਗੇ ਅਤੇ ਉਨ੍ਹਾਂ ਦੀ ਸੰਭਾਲ ਵੀ ਕਰਨਗੇ। ਵਿਦਿਆਰਥੀਆਂ ਨੇ ਇਸ ਦੌਰੇ ਨੂੰ ਬਹੁਤ ਪ੍ਰੇਰਣਾਦਾਇਕ ਦੱਸਿਆ।
ਪਲੇ ਵੇਜ਼ ਸੀਨੀਅਰ ਸੈਕੰਡਰੀ ਸਕੂਲ, ਪਟਿਆਲਾ ਵੱਲੋਂ ਮਿਨੀ ਮੈਰਾਥਨ ਦਾ ਆਯੋਜਨ
ਐਸ.ਐਲ.ਏ ਅਜੀਤਪਾਲ ਸਿੰਘ ਕੋਹਲੀ ਅਤੇ ਮੇਅਰ ਕੁੰਦਨ ਗੋਗੀਆ ਨੇ ਦਿੱਤੀ ਹਰੀ ਝੰਡੀ
ਪਟਿਆਲਾ 18 ਅਪ੍ਰੈਲ (ਰਿਸ਼ੂ ਪਟਿਆਲਾ)- ਪਲੇ ਵੇਜ਼ ਸੀਨੀਅਰ ਸੈਕੰਡਰੀ ਸਕੂਲ ਵੱਲੋਂ ਵਿਦਿਆਰਥੀਆਂ ਵਿੱਚ ਸਿਹਤ ਅਤੇ ਤੰਦਰੁਸਤੀ ਪ੍ਰਤੀ ਜਾਗਰੂਕਤਾ ਪੈਦਾ ਕਰਨ ਲਈ ਮਿਨੀ ਮੈਰਾਥਨ ਦਾ ਆਯੋਜਨ ਕੀਤਾ ਗਿਆ। ਮੈਰਾਥਨ ਨੂੰ ਹਰੀ ਝੰਡੀ ਦੇ ਕੇ ਰਵਾਨਾ ਕੀਤਾ ਗਿਆ ਜਿਸ ਵਿੱਚ ਸੈਂਕੜੇ ਵਿਦਿਆਰਥੀਆਂ, ਅਧਿਆਪਕਾਂ ਅਤੇ ਮਾਪਿਆਂ ਨੇ ਉਤਸ਼ਾਹ ਨਾਲ ਹਿੱਸਾ ਲਿਆ। ਜੇਤੂ ਵਿਦਿਆਰਥੀਆਂ ਨੂੰ ਮੈਡਲ ਦੇ ਕੇ ਸਨਮਾਨਿਤ ਕੀਤਾ ਗਿਆ।
